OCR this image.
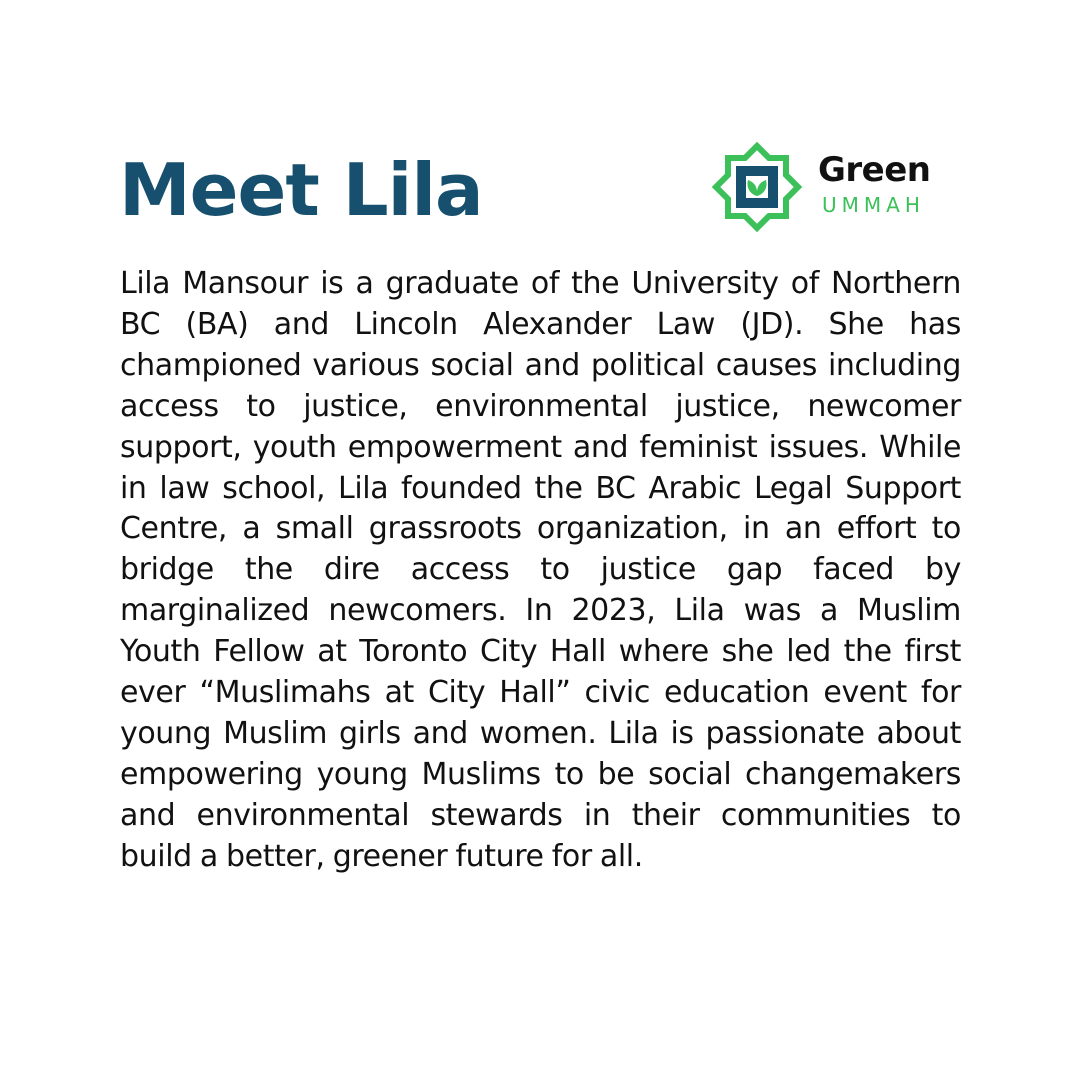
Meet Lila	Green
UMMAH

Lila Mansour is a graduate of the University of Northern BC (BA) and Lincoln Alexander Law (JD). She has championed various social and political causes including access to justice, environmental justice, newcomer support, youth empowerment and feminist issues. While in law school, Lila founded the BC Arabic Legal Support Centre, a small grassroots organization, in an effort to bridge the dire access to justice gap faced by marginalized newcomers. In 2023, Lila was a Muslim Youth Fellow at Toronto City Hall where she led the first ever “Muslimahs at City Hall” civic education event for young Muslim girls and women. Lila is passionate about empowering young Muslims to be social changemakers and environmental stewards in their communities to build a better, greener future for all.
